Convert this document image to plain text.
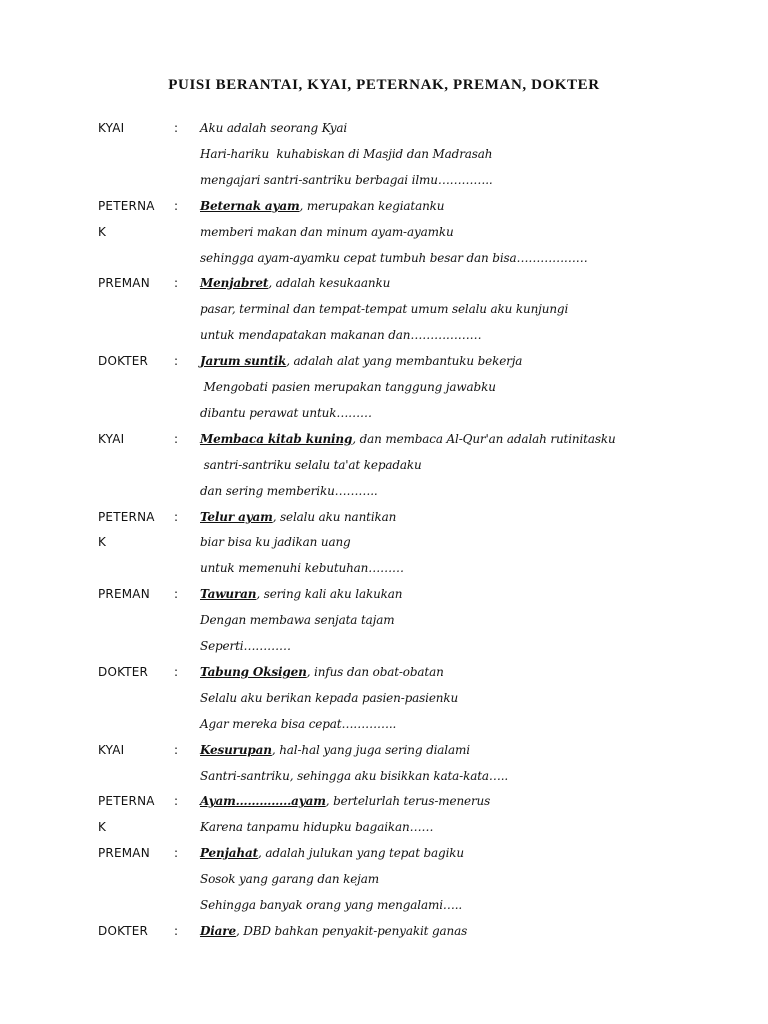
PUISI BERANTAI, KYAI, PETERNAK, PREMAN, DOKTER
KYAI	: Aku adalah seorang Kyai
Hari-hariku  kuhabiskan di Masjid dan Madrasah
mengajari santri-santriku berbagai ilmu…………..
PETERNA : Beternak ayam, merupakan kegiatanku
K	memberi makan dan minum ayam-ayamku
sehingga ayam-ayamku cepat tumbuh besar dan bisa………………
PREMAN : Menjabret, adalah kesukaanku
pasar, terminal dan tempat-tempat umum selalu aku kunjungi
untuk mendapatakan makanan dan………………
DOKTER : Jarum suntik, adalah alat yang membantuku bekerja
Mengobati pasien merupakan tanggung jawabku
dibantu perawat untuk………
KYAI	: Membaca kitab kuning, dan membaca Al-Qur'an adalah rutinitasku
santri-santriku selalu ta'at kepadaku
dan sering memberiku………..
PETERNA : Telur ayam, selalu aku nantikan
K	biar bisa ku jadikan uang
untuk memenuhi kebutuhan………
PREMAN : Tawuran, sering kali aku lakukan
Dengan membawa senjata tajam
Seperti…………
DOKTER : Tabung Oksigen, infus dan obat-obatan
Selalu aku berikan kepada pasien-pasienku
Agar mereka bisa cepat…………..
KYAI	: Kesurupan, hal-hal yang juga sering dialami
Santri-santriku, sehingga aku bisikkan kata-kata…..
PETERNA : Ayam…………..ayam, bertelurlah terus-menerus
K	Karena tanpamu hidupku bagaikan……
PREMAN : Penjahat, adalah julukan yang tepat bagiku
Sosok yang garang dan kejam
Sehingga banyak orang yang mengalami…..
DOKTER : Diare, DBD bahkan penyakit-penyakit ganas
